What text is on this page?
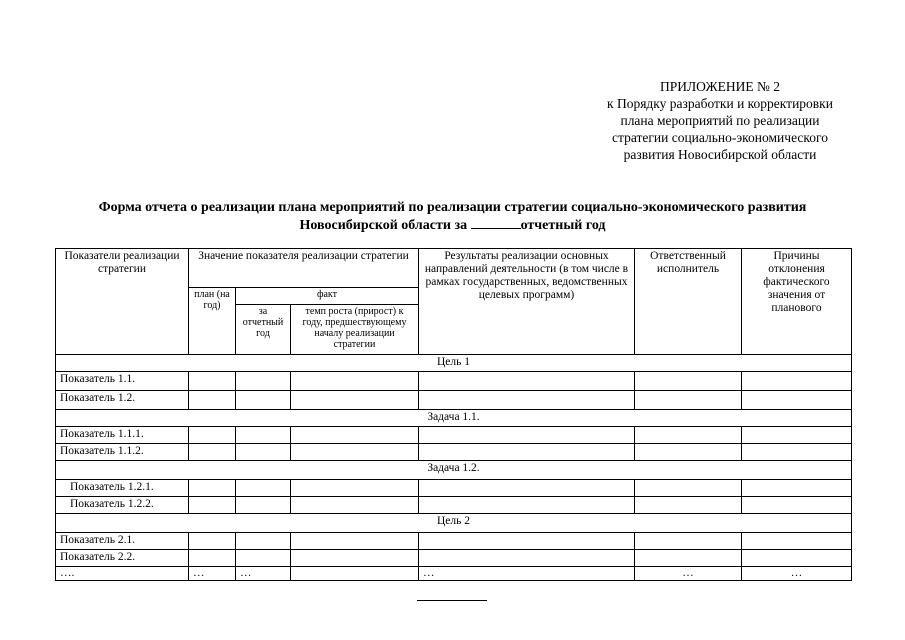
ПРИЛОЖЕНИЕ № 2
к Порядку разработки и корректировки
плана мероприятий по реализации
стратегии социально-экономического
развития Новосибирской области
Форма отчета о реализации плана мероприятий по реализации стратегии социально-экономического развития
Новосибирской области за	отчетный год
Показатели реализации стратегии	Значение показателя реализации стратегии			Результаты реализации основных направлений деятельности (в том числе в рамках государственных, ведомственных целевых программ)	Ответственный исполнитель	Причины отклонения фактического значения от планового
	план (на год)	факт				
		за отчетный год	темп роста (прирост) к году, предшествующему началу реализации стратегии			
Цель 1						
Показатель 1.1.						
Показатель 1.2.						
Задача 1.1.						
Показатель 1.1.1.						
Показатель 1.1.2.						
Задача 1.2.						
Показатель 1.2.1.						
Показатель 1.2.2.						
Цель 2						
Показатель 2.1.						
Показатель 2.2.						
….	…	…		…	…	…
